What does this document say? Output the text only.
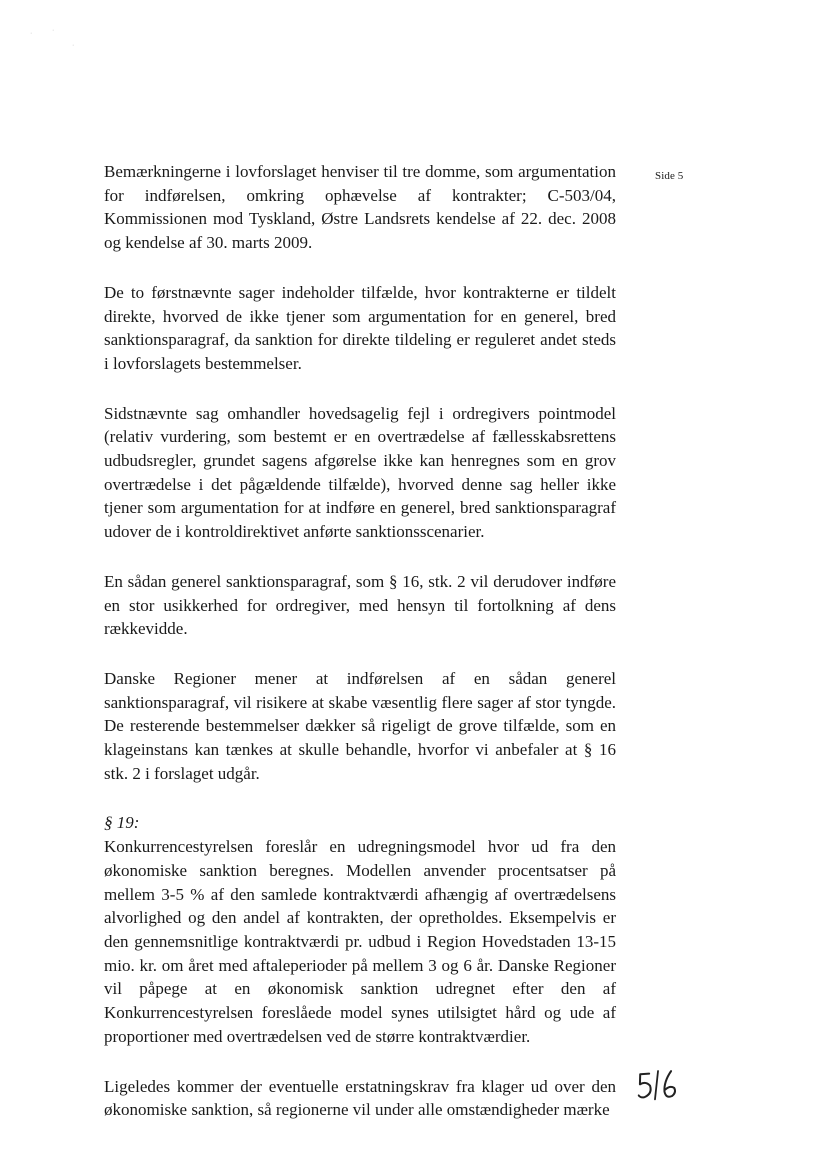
·	·
·
Side 5

Bemærkningerne i lovforslaget henviser til tre domme, som argumentation for indførelsen, omkring ophævelse af kontrakter; C-503/04, Kommissionen mod Tyskland, Østre Landsrets kendelse af 22. dec. 2008 og kendelse af 30. marts 2009.

De to førstnævnte sager indeholder tilfælde, hvor kontrakterne er tildelt direkte, hvorved de ikke tjener som argumentation for en generel, bred sanktionsparagraf, da sanktion for direkte tildeling er reguleret andet steds i lovforslagets bestemmelser.

Sidstnævnte sag omhandler hovedsagelig fejl i ordregivers pointmodel (relativ vurdering, som bestemt er en overtrædelse af fællesskabsrettens udbudsregler, grundet sagens afgørelse ikke kan henregnes som en grov overtrædelse i det pågældende tilfælde), hvorved denne sag heller ikke tjener som argumentation for at indføre en generel, bred sanktionsparagraf udover de i kontroldirektivet anførte sanktionsscenarier.

En sådan generel sanktionsparagraf, som § 16, stk. 2 vil derudover indføre en stor usikkerhed for ordregiver, med hensyn til fortolkning af dens rækkevidde.

Danske Regioner mener at indførelsen af en sådan generel sanktionsparagraf, vil risikere at skabe væsentlig flere sager af stor tyngde. De resterende bestemmelser dækker så rigeligt de grove tilfælde, som en klageinstans kan tænkes at skulle behandle, hvorfor vi anbefaler at § 16 stk. 2 i forslaget udgår.

§ 19:

Konkurrencestyrelsen foreslår en udregningsmodel hvor ud fra den økonomiske sanktion beregnes. Modellen anvender procentsatser på mellem 3-5 % af den samlede kontraktværdi afhængig af overtrædelsens alvorlighed og den andel af kontrakten, der opretholdes. Eksempelvis er den gennemsnitlige kontraktværdi pr. udbud i Region Hovedstaden 13-15 mio. kr. om året med aftaleperioder på mellem 3 og 6 år. Danske Regioner vil påpege at en økonomisk sanktion udregnet efter den af Konkurrencestyrelsen foreslåede model synes utilsigtet hård og ude af proportioner med overtrædelsen ved de større kontraktværdier.

Ligeledes kommer der eventuelle erstatningskrav fra klager ud over den økonomiske sanktion, så regionerne vil under alle omstændigheder mærke
